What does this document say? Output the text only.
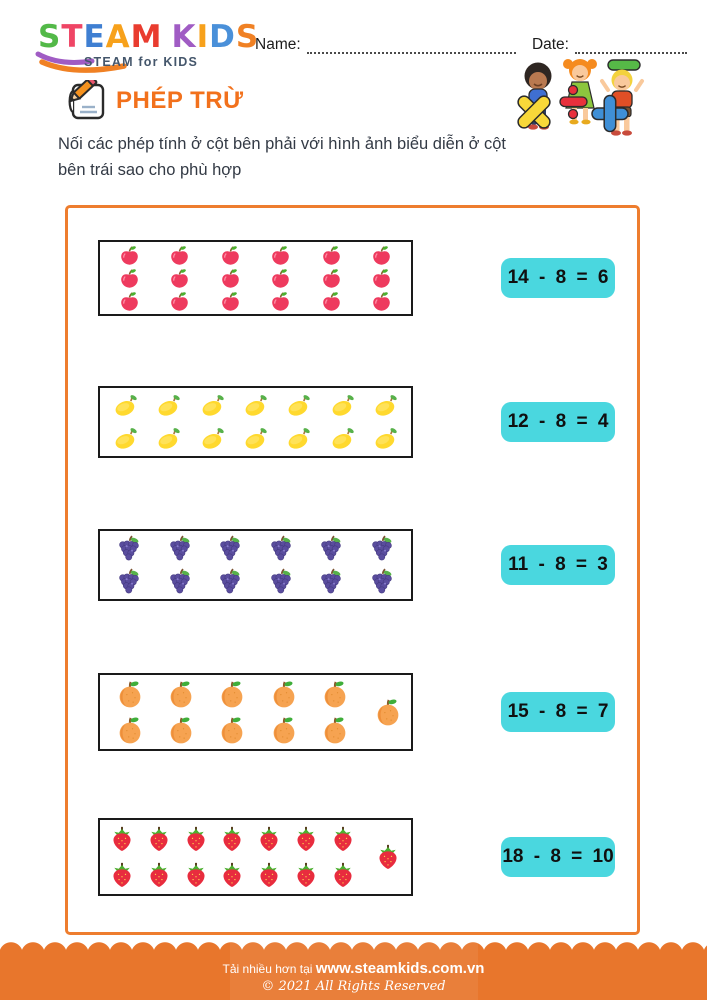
STEAM KIDS
STEAM for KIDS
Name:	Date:
PHÉP TRỪ
Nối các phép tính ở cột bên phải với hình ảnh biểu diễn ở cột bên trái sao cho phù hợp
14 - 8 = 6
12 - 8 = 4
11 - 8 = 3
15 - 8 = 7
18 - 8 = 10
Tải nhiều hơn tại www.steamkids.com.vn
© 2021 All Rights Reserved
